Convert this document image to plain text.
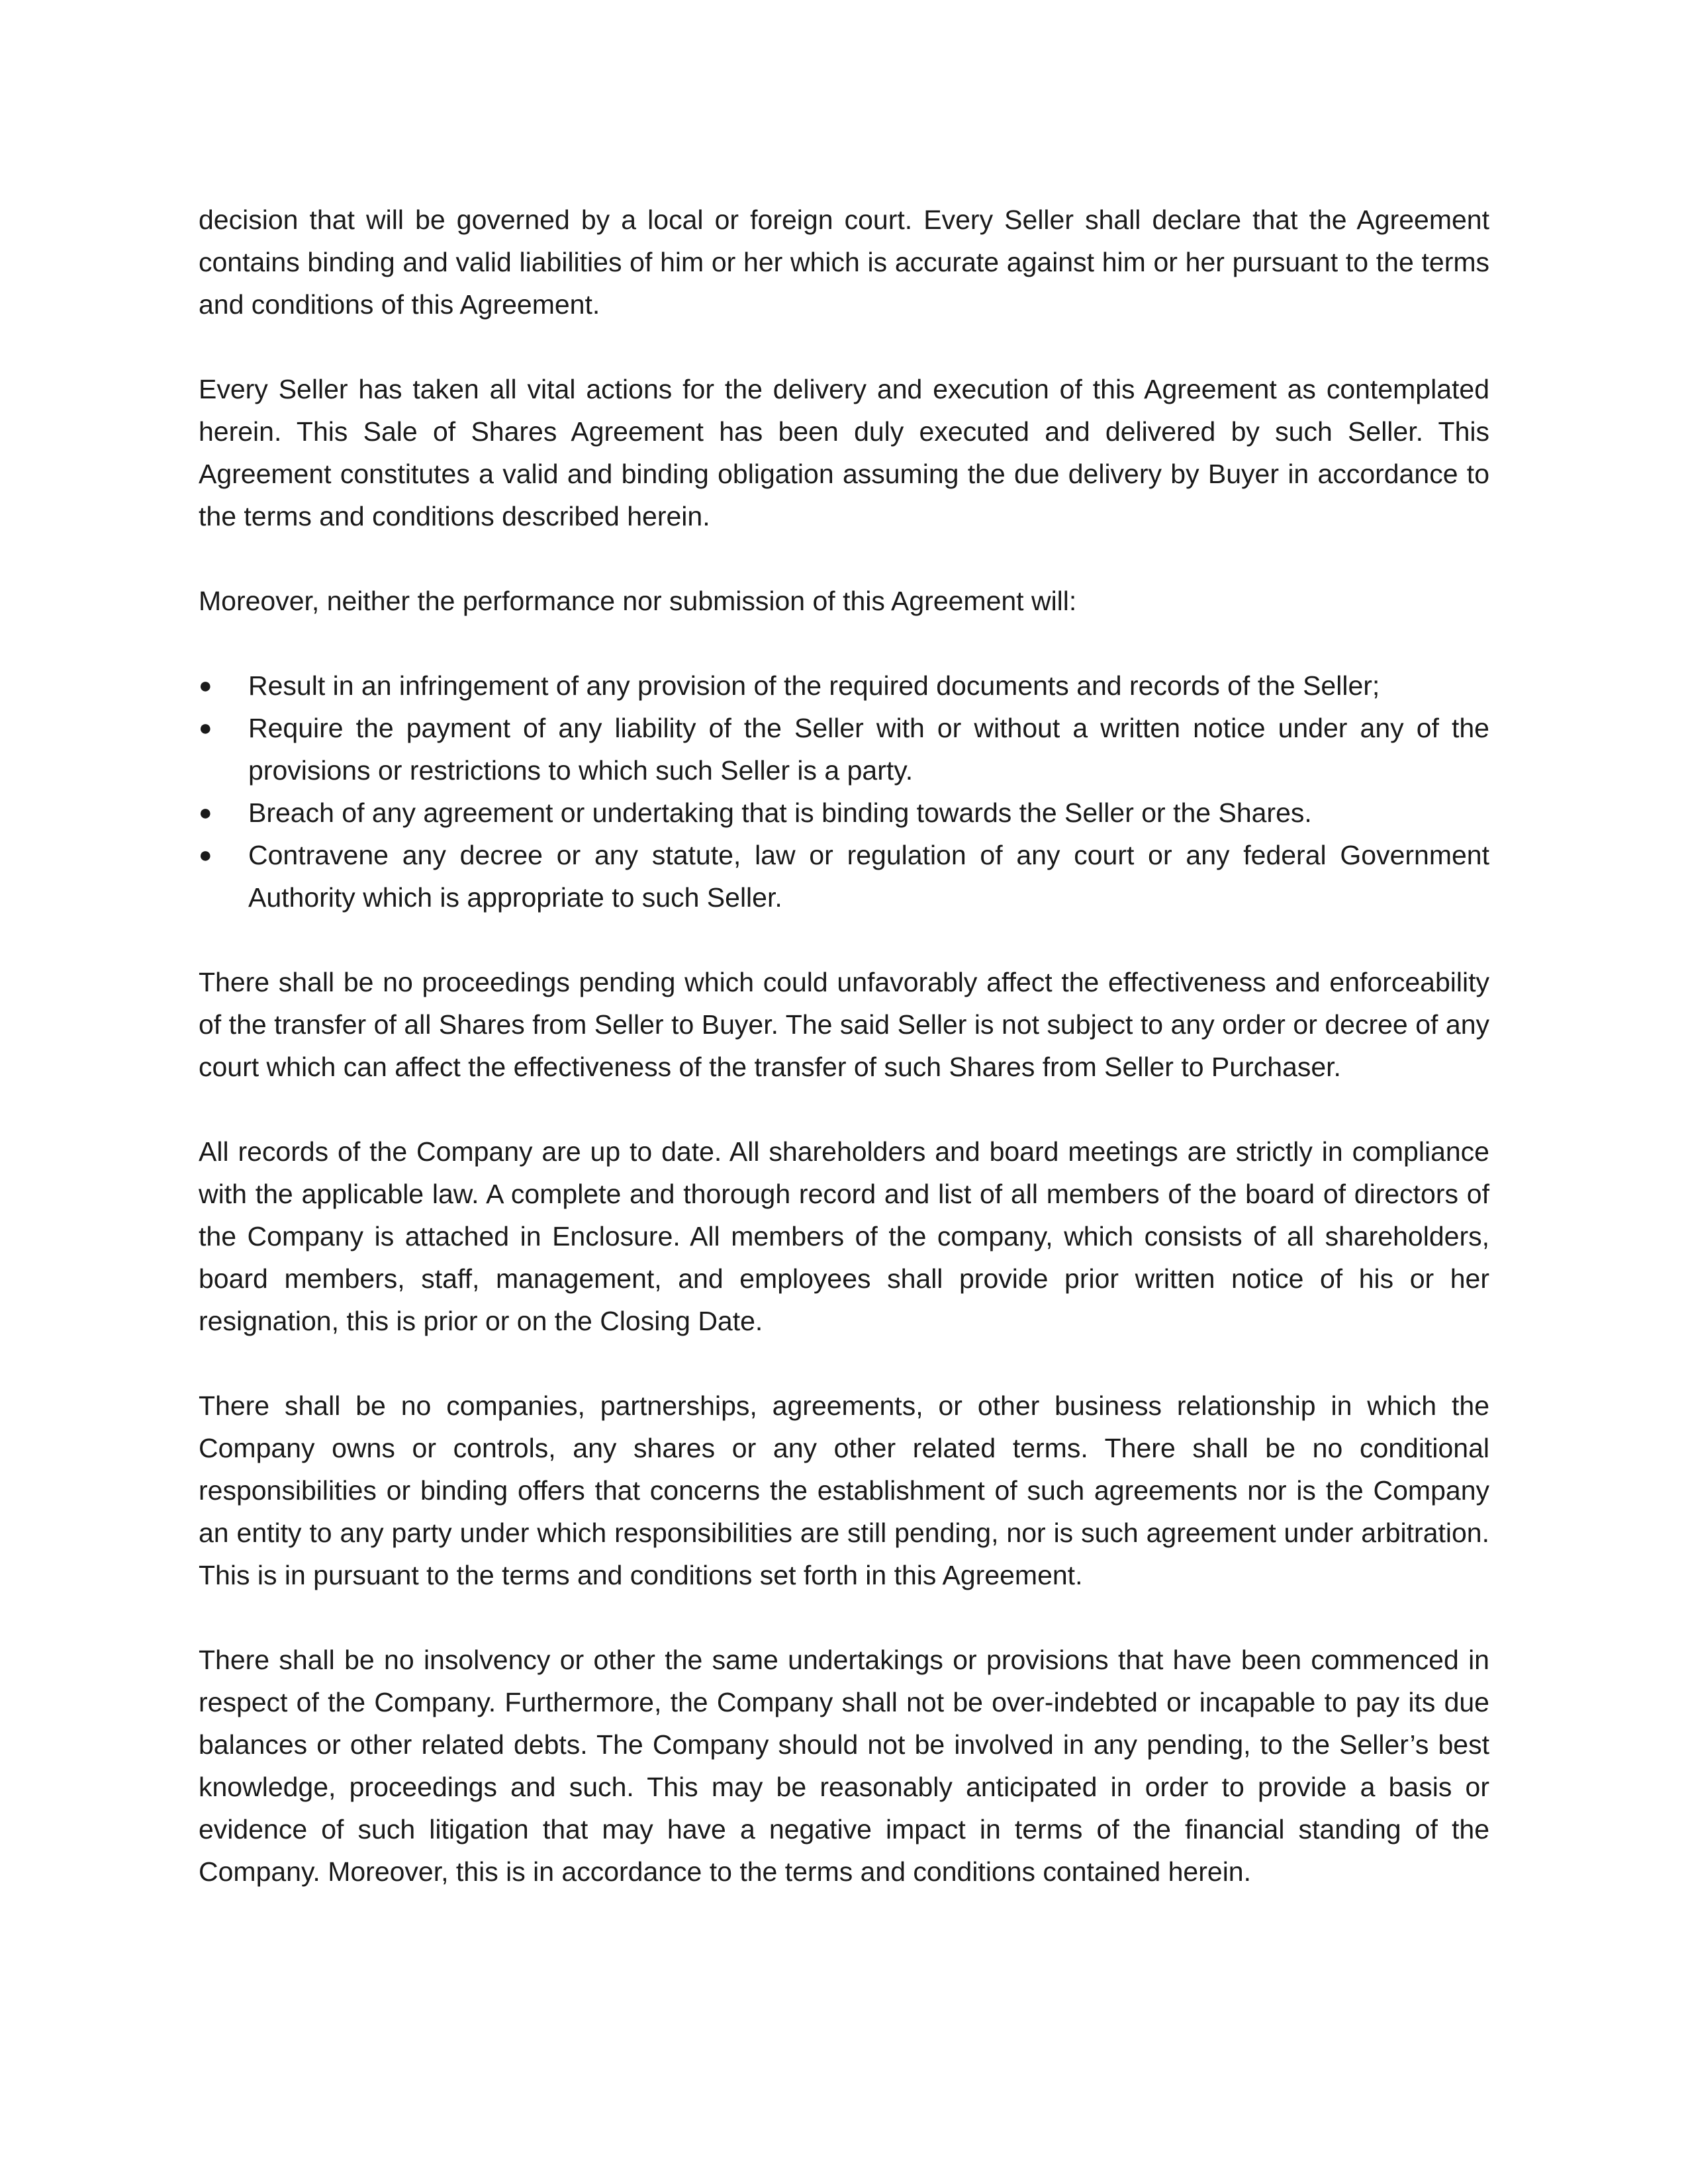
decision that will be governed by a local or foreign court. Every Seller shall declare that the Agreement contains binding and valid liabilities of him or her which is accurate against him or her pursuant to the terms and conditions of this Agreement.

Every Seller has taken all vital actions for the delivery and execution of this Agreement as contemplated herein. This Sale of Shares Agreement has been duly executed and delivered by such Seller. This Agreement constitutes a valid and binding obligation assuming the due delivery by Buyer in accordance to the terms and conditions described herein.

Moreover, neither the performance nor submission of this Agreement will:

● Result in an infringement of any provision of the required documents and records of the Seller;
● Require the payment of any liability of the Seller with or without a written notice under any of the provisions or restrictions to which such Seller is a party.
● Breach of any agreement or undertaking that is binding towards the Seller or the Shares.
● Contravene any decree or any statute, law or regulation of any court or any federal Government Authority which is appropriate to such Seller.

There shall be no proceedings pending which could unfavorably affect the effectiveness and enforceability of the transfer of all Shares from Seller to Buyer. The said Seller is not subject to any order or decree of any court which can affect the effectiveness of the transfer of such Shares from Seller to Purchaser.

All records of the Company are up to date. All shareholders and board meetings are strictly in compliance with the applicable law. A complete and thorough record and list of all members of the board of directors of the Company is attached in Enclosure. All members of the company, which consists of all shareholders, board members, staff, management, and employees shall provide prior written notice of his or her resignation, this is prior or on the Closing Date.

There shall be no companies, partnerships, agreements, or other business relationship in which the Company owns or controls, any shares or any other related terms. There shall be no conditional responsibilities or binding offers that concerns the establishment of such agreements nor is the Company an entity to any party under which responsibilities are still pending, nor is such agreement under arbitration. This is in pursuant to the terms and conditions set forth in this Agreement.

There shall be no insolvency or other the same undertakings or provisions that have been commenced in respect of the Company. Furthermore, the Company shall not be over-indebted or incapable to pay its due balances or other related debts. The Company should not be involved in any pending, to the Seller’s best knowledge, proceedings and such. This may be reasonably anticipated in order to provide a basis or evidence of such litigation that may have a negative impact in terms of the financial standing of the Company. Moreover, this is in accordance to the terms and conditions contained herein.
